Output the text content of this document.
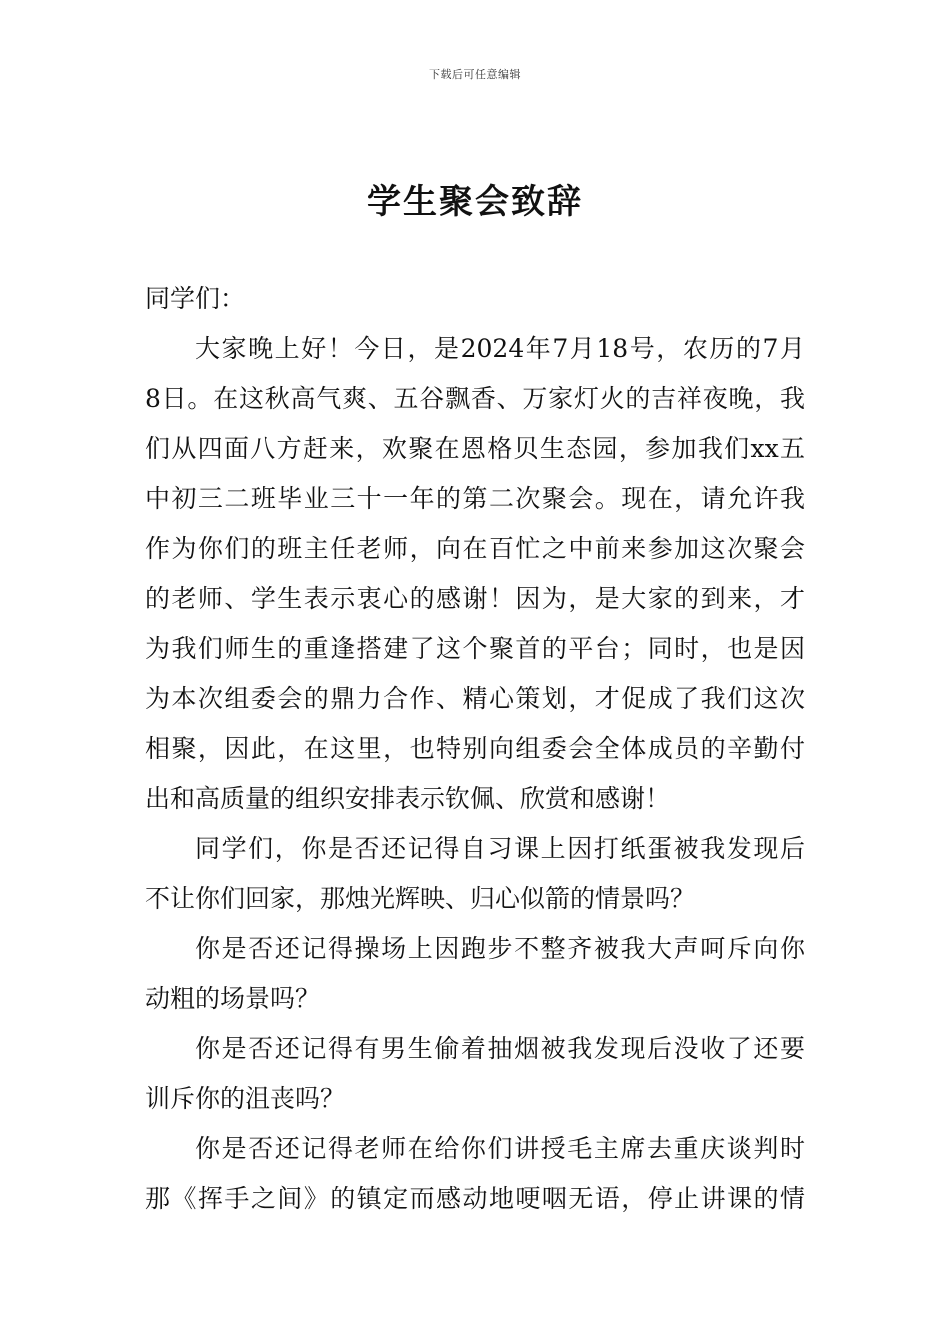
下载后可任意编辑
学生聚会致辞
同学们：
大家晚上好！今日，是2024年7月18号，农历的7月
8日。在这秋高气爽、五谷飘香、万家灯火的吉祥夜晚，我
们从四面八方赶来，欢聚在恩格贝生态园，参加我们xx五
中初三二班毕业三十一年的第二次聚会。现在，请允许我
作为你们的班主任老师，向在百忙之中前来参加这次聚会
的老师、学生表示衷心的感谢！因为，是大家的到来，才
为我们师生的重逢搭建了这个聚首的平台；同时，也是因
为本次组委会的鼎力合作、精心策划，才促成了我们这次
相聚，因此，在这里，也特别向组委会全体成员的辛勤付
出和高质量的组织安排表示钦佩、欣赏和感谢！
同学们，你是否还记得自习课上因打纸蛋被我发现后
不让你们回家，那烛光辉映、归心似箭的情景吗？
你是否还记得操场上因跑步不整齐被我大声呵斥向你
动粗的场景吗？
你是否还记得有男生偷着抽烟被我发现后没收了还要
训斥你的沮丧吗？
你是否还记得老师在给你们讲授毛主席去重庆谈判时
那《挥手之间》的镇定而感动地哽咽无语，停止讲课的情
